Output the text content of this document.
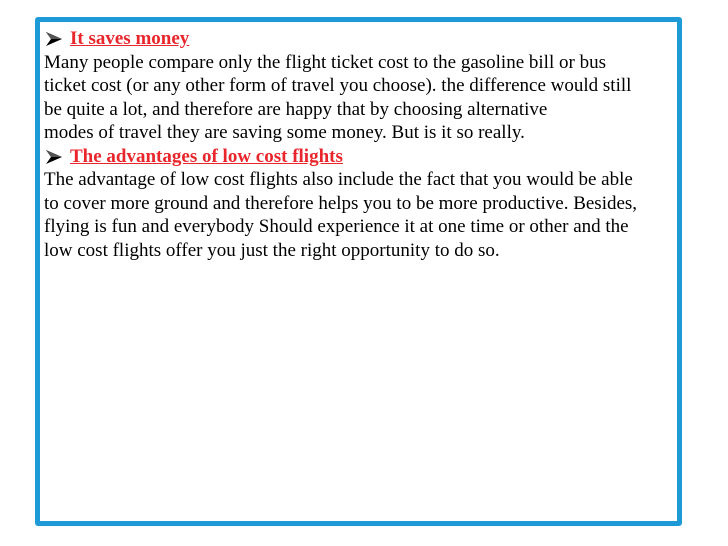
It saves money
Many people compare only the flight ticket cost to the gasoline bill or bus
ticket cost (or any other form of travel you choose). the difference would still
be quite a lot, and therefore are happy that by choosing alternative
modes of travel they are saving some money. But is it so really.
The advantages of low cost flights
The advantage of low cost flights also include the fact that you would be able
to cover more ground and therefore helps you to be more productive. Besides,
flying is fun and everybody Should experience it at one time or other and the
low cost flights offer you just the right opportunity to do so.
